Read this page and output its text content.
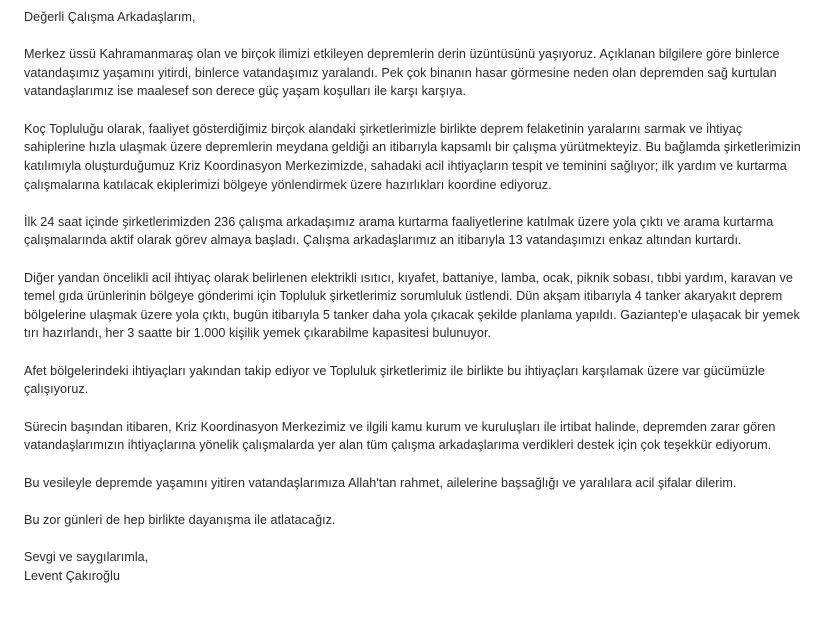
Değerli Çalışma Arkadaşlarım,

Merkez üssü Kahramanmaraş olan ve birçok ilimizi etkileyen depremlerin derin üzüntüsünü yaşıyoruz. Açıklanan bilgilere göre binlerce vatandaşımız yaşamını yitirdi, binlerce vatandaşımız yaralandı. Pek çok binanın hasar görmesine neden olan depremden sağ kurtulan vatandaşlarımız ise maalesef son derece güç yaşam koşulları ile karşı karşıya.

Koç Topluluğu olarak, faaliyet gösterdiğimiz birçok alandaki şirketlerimizle birlikte deprem felaketinin yaralarını sarmak ve ihtiyaç sahiplerine hızla ulaşmak üzere depremlerin meydana geldiği an itibarıyla kapsamlı bir çalışma yürütmekteyiz. Bu bağlamda şirketlerimizin katılımıyla oluşturduğumuz Kriz Koordinasyon Merkezimizde, sahadaki acil ihtiyaçların tespit ve teminini sağlıyor; ilk yardım ve kurtarma çalışmalarına katılacak ekiplerimizi bölgeye yönlendirmek üzere hazırlıkları koordine ediyoruz.

İlk 24 saat içinde şirketlerimizden 236 çalışma arkadaşımız arama kurtarma faaliyetlerine katılmak üzere yola çıktı ve arama kurtarma çalışmalarında aktif olarak görev almaya başladı. Çalışma arkadaşlarımız an itibarıyla 13 vatandaşımızı enkaz altından kurtardı.

Diğer yandan öncelikli acil ihtiyaç olarak belirlenen elektrikli ısıtıcı, kıyafet, battaniye, lamba, ocak, piknik sobası, tıbbi yardım, karavan ve temel gıda ürünlerinin bölgeye gönderimi için Topluluk şirketlerimiz sorumluluk üstlendi. Dün akşam itibarıyla 4 tanker akaryakıt deprem bölgelerine ulaşmak üzere yola çıktı, bugün itibarıyla 5 tanker daha yola çıkacak şekilde planlama yapıldı. Gaziantep'e ulaşacak bir yemek tırı hazırlandı, her 3 saatte bir 1.000 kişilik yemek çıkarabilme kapasitesi bulunuyor.

Afet bölgelerindeki ihtiyaçları yakından takip ediyor ve Topluluk şirketlerimiz ile birlikte bu ihtiyaçları karşılamak üzere var gücümüzle çalışıyoruz.

Sürecin başından itibaren, Kriz Koordinasyon Merkezimiz ve ilgili kamu kurum ve kuruluşları ile irtibat halinde, depremden zarar gören vatandaşlarımızın ihtiyaçlarına yönelik çalışmalarda yer alan tüm çalışma arkadaşlarıma verdikleri destek için çok teşekkür ediyorum.

Bu vesileyle depremde yaşamını yitiren vatandaşlarımıza Allah'tan rahmet, ailelerine başsağlığı ve yaralılara acil şifalar dilerim.

Bu zor günleri de hep birlikte dayanışma ile atlatacağız.

Sevgi ve saygılarımla,

Levent Çakıroğlu
